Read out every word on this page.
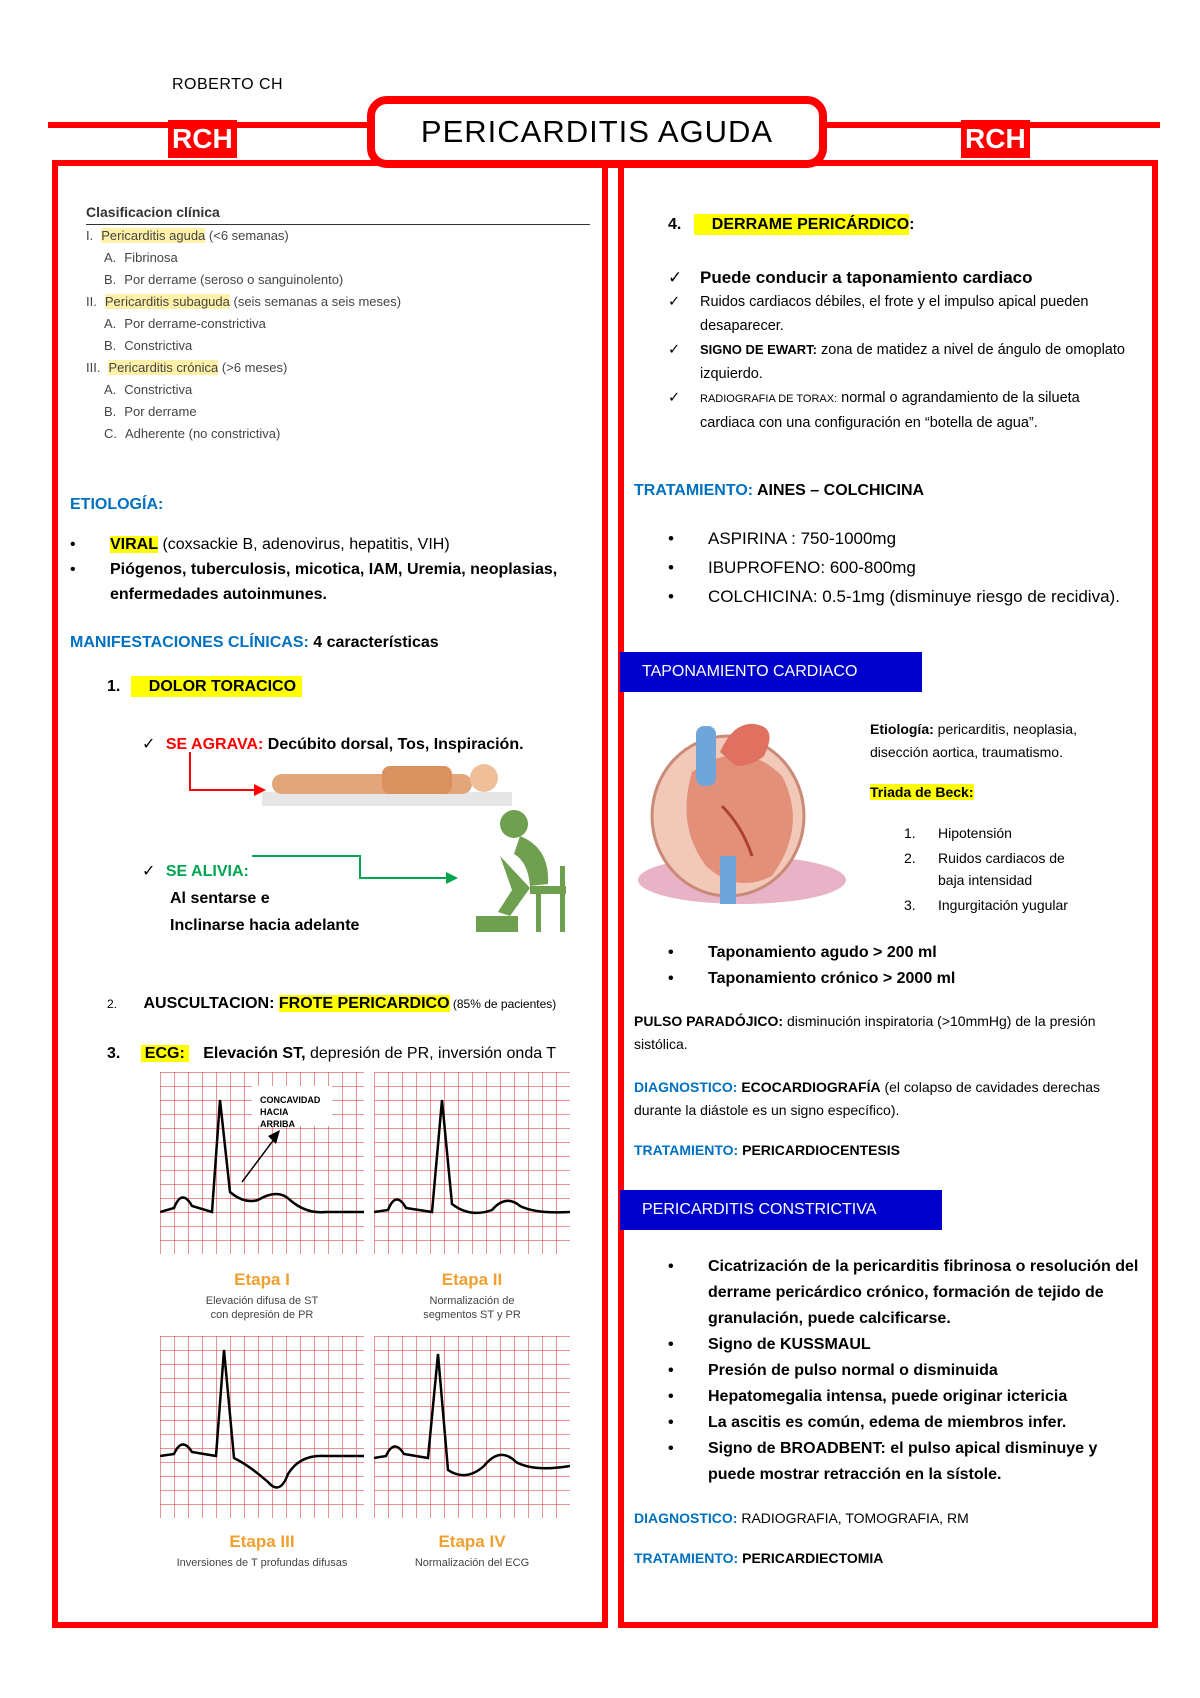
ROBERTO CH
RCH	RCH
PERICARDITIS AGUDA
Clasificacion clínica
I. Pericarditis aguda (<6 semanas)
A. Fibrinosa
B. Por derrame (seroso o sanguinolento)
II. Pericarditis subaguda (seis semanas a seis meses)
A. Por derrame-constrictiva
B. Constrictiva
III. Pericarditis crónica (>6 meses)
A. Constrictiva
B. Por derrame
C. Adherente (no constrictiva)
ETIOLOGÍA:
• VIRAL (coxsackie B, adenovirus, hepatitis, VIH)
• Piógenos, tuberculosis, micotica, IAM, Uremia, neoplasias, enfermedades autoinmunes.
MANIFESTACIONES CLÍNICAS: 4 características
1. DOLOR TORACICO
✓ SE AGRAVA: Decúbito dorsal, Tos, Inspiración.
✓ SE ALIVIA:
Al sentarse e
Inclinarse hacia adelante
2. AUSCULTACION: FROTE PERICARDICO (85% de pacientes)
3. ECG: Elevación ST, depresión de PR, inversión onda T
CONCAVIDAD HACIA ARRIBA
Etapa I
Elevación difusa de ST
con depresión de PR
Etapa II
Normalización de
segmentos ST y PR
Etapa III
Inversiones de T profundas difusas
Etapa IV
Normalización del ECG
4. DERRAME PERICÁRDICO:
✓ Puede conducir a taponamiento cardiaco
✓ Ruidos cardiacos débiles, el frote y el impulso apical pueden desaparecer.
✓ SIGNO DE EWART: zona de matidez a nivel de ángulo de omoplato izquierdo.
✓ RADIOGRAFIA DE TORAX: normal o agrandamiento de la silueta cardiaca con una configuración en “botella de agua”.
TRATAMIENTO: AINES – COLCHICINA
• ASPIRINA : 750-1000mg
• IBUPROFENO: 600-800mg
• COLCHICINA: 0.5-1mg (disminuye riesgo de recidiva).
TAPONAMIENTO CARDIACO
Etiología: pericarditis, neoplasia, disección aortica, traumatismo.
Triada de Beck:
1.	Hipotensión
2.	Ruidos cardiacos de baja intensidad
3.	Ingurgitación yugular
• Taponamiento agudo > 200 ml
• Taponamiento crónico > 2000 ml
PULSO PARADÓJICO: disminución inspiratoria (>10mmHg) de la presión sistólica.
DIAGNOSTICO: ECOCARDIOGRAFÍA (el colapso de cavidades derechas durante la diástole es un signo específico).
TRATAMIENTO: PERICARDIOCENTESIS
PERICARDITIS CONSTRICTIVA
• Cicatrización de la pericarditis fibrinosa o resolución del derrame pericárdico crónico, formación de tejido de granulación, puede calcificarse.
• Signo de KUSSMAUL
• Presión de pulso normal o disminuida
• Hepatomegalia intensa, puede originar ictericia
• La ascitis es común, edema de miembros infer.
• Signo de BROADBENT: el pulso apical disminuye y puede mostrar retracción en la sístole.
DIAGNOSTICO: RADIOGRAFIA, TOMOGRAFIA, RM
TRATAMIENTO: PERICARDIECTOMIA
